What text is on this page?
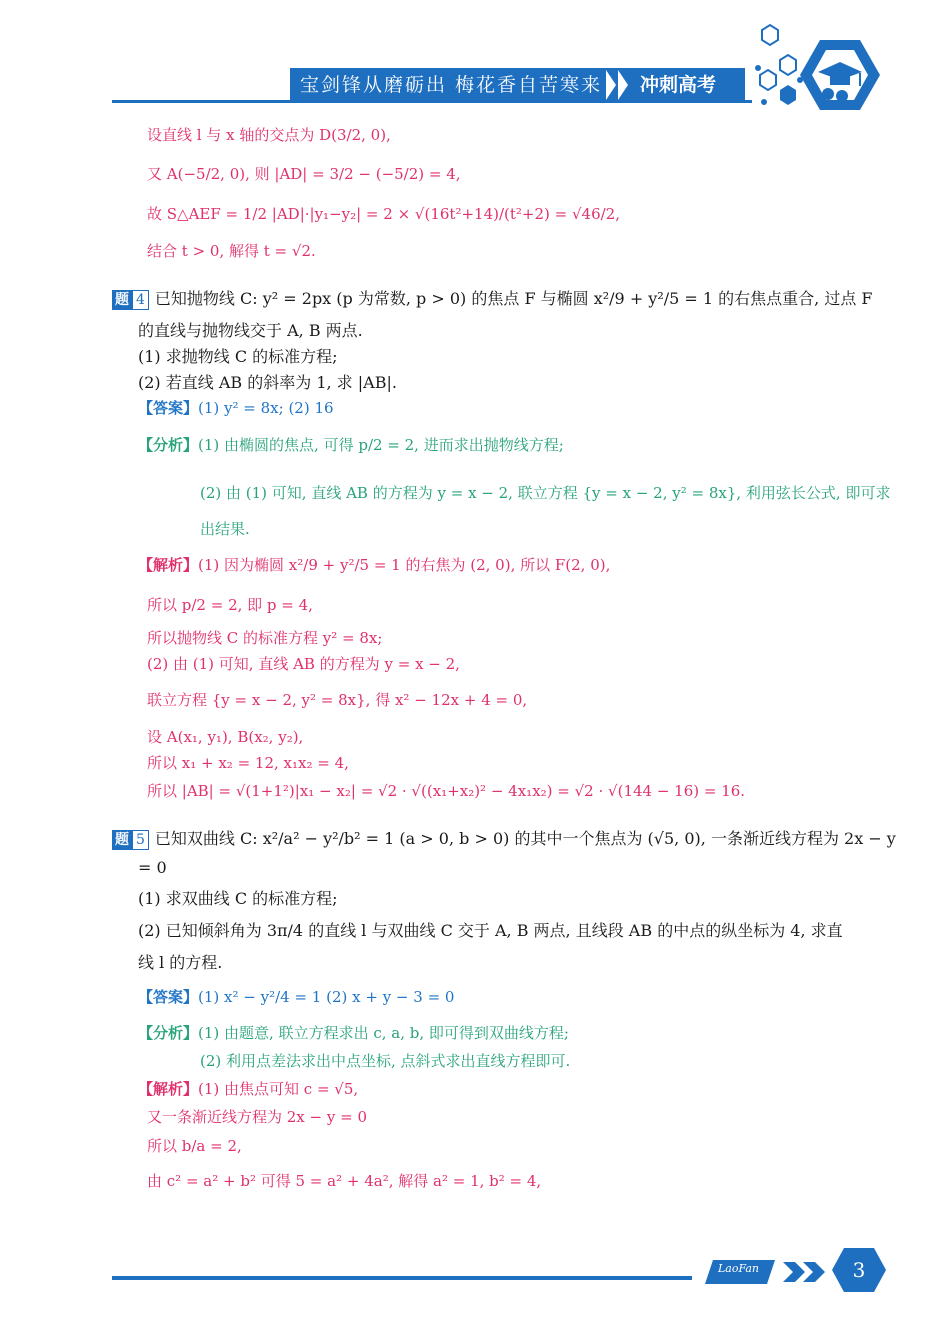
宝剑锋从磨砺出 梅花香自苦寒来 冲刺高考
设直线 l 与 x 轴的交点为 D(3/2, 0),
又 A(−5/2, 0), 则 |AD| = 3/2 − (−5/2) = 4,
故 S△AEF = 1/2 |AD|·|y₁−y₂| = 2 × √(16t²+14)/(t²+2) = √46/2,
结合 t > 0, 解得 t = √2.
题 4 已知抛物线 C: y² = 2px (p 为常数, p > 0) 的焦点 F 与椭圆 x²/9 + y²/5 = 1 的右焦点重合, 过点 F
的直线与抛物线交于 A, B 两点.
(1) 求抛物线 C 的标准方程;
(2) 若直线 AB 的斜率为 1, 求 |AB|.
【答案】(1) y² = 8x; (2) 16
【分析】(1) 由椭圆的焦点, 可得 p/2 = 2, 进而求出抛物线方程;
(2) 由 (1) 可知, 直线 AB 的方程为 y = x − 2, 联立方程 {y = x − 2, y² = 8x}, 利用弦长公式, 即可求
出结果.
【解析】(1) 因为椭圆 x²/9 + y²/5 = 1 的右焦为 (2, 0), 所以 F(2, 0),
所以 p/2 = 2, 即 p = 4,
所以抛物线 C 的标准方程 y² = 8x;
(2) 由 (1) 可知, 直线 AB 的方程为 y = x − 2,
联立方程 {y = x − 2, y² = 8x}, 得 x² − 12x + 4 = 0,
设 A(x₁, y₁), B(x₂, y₂),
所以 x₁ + x₂ = 12, x₁x₂ = 4,
所以 |AB| = √(1+1²)|x₁ − x₂| = √2 · √((x₁+x₂)² − 4x₁x₂) = √2 · √(144 − 16) = 16.
题 5 已知双曲线 C: x²/a² − y²/b² = 1 (a > 0, b > 0) 的其中一个焦点为 (√5, 0), 一条渐近线方程为 2x − y
= 0
(1) 求双曲线 C 的标准方程;
(2) 已知倾斜角为 3π/4 的直线 l 与双曲线 C 交于 A, B 两点, 且线段 AB 的中点的纵坐标为 4, 求直
线 l 的方程.
【答案】(1) x² − y²/4 = 1 (2) x + y − 3 = 0
【分析】(1) 由题意, 联立方程求出 c, a, b, 即可得到双曲线方程;
(2) 利用点差法求出中点坐标, 点斜式求出直线方程即可.
【解析】(1) 由焦点可知 c = √5,
又一条渐近线方程为 2x − y = 0
所以 b/a = 2,
由 c² = a² + b² 可得 5 = a² + 4a², 解得 a² = 1, b² = 4,
LaoFan	3
